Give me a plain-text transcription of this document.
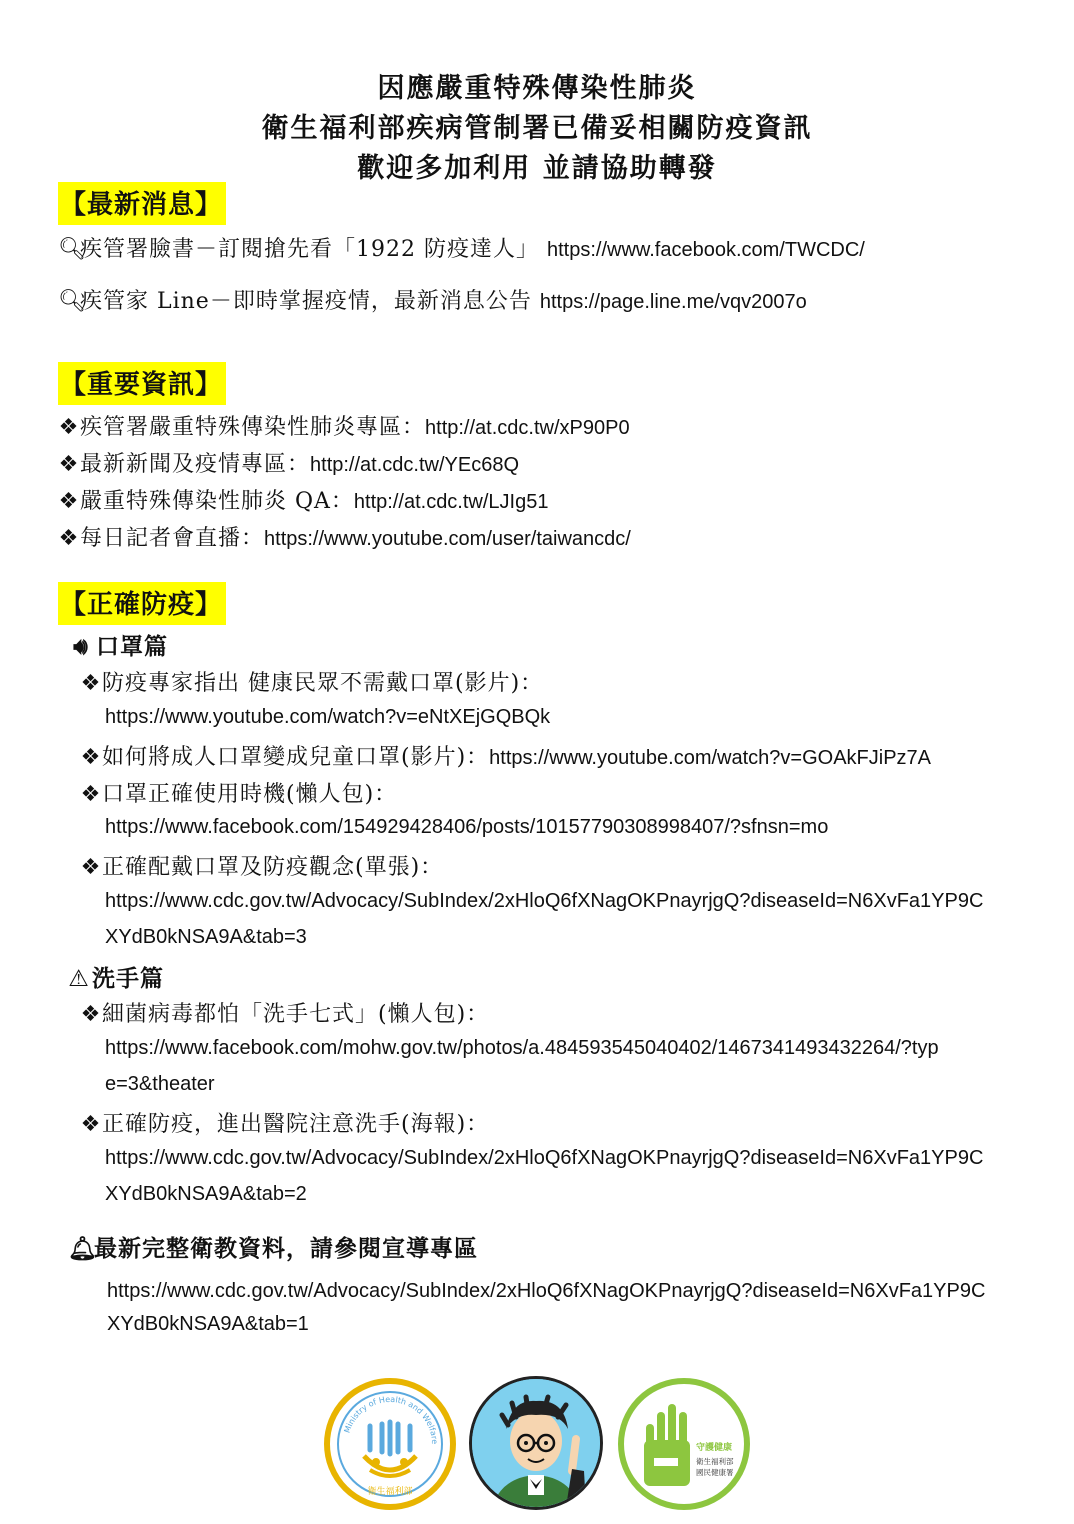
因應嚴重特殊傳染性肺炎
衛生福利部疾病管制署已備妥相關防疫資訊
歡迎多加利用 並請協助轉發
【最新消息】
🔍︎疾管署臉書－訂閱搶先看「1922 防疫達人」 https://www.facebook.com/TWCDC/
🔍︎疾管家 Line－即時掌握疫情，最新消息公告 https://page.line.me/vqv2007o
【重要資訊】
❖疾管署嚴重特殊傳染性肺炎專區：http://at.cdc.tw/xP90P0
❖最新新聞及疫情專區：http://at.cdc.tw/YEc68Q
❖嚴重特殊傳染性肺炎 QA：http://at.cdc.tw/LJIg51
❖每日記者會直播：https://www.youtube.com/user/taiwancdc/
【正確防疫】
🔊︎ 口罩篇
❖防疫專家指出 健康民眾不需戴口罩(影片)：
https://www.youtube.com/watch?v=eNtXEjGQBQk
❖如何將成人口罩變成兒童口罩(影片)：https://www.youtube.com/watch?v=GOAkFJiPz7A
❖口罩正確使用時機(懶人包)：
https://www.facebook.com/154929428406/posts/10157790308998407/?sfnsn=mo
❖正確配戴口罩及防疫觀念(單張)：
https://www.cdc.gov.tw/Advocacy/SubIndex/2xHloQ6fXNagOKPnayrjgQ?diseaseId=N6XvFa1YP9C
XYdB0kNSA9A&tab=3
⚠︎洗手篇
❖細菌病毒都怕「洗手七式」(懶人包)：
https://www.facebook.com/mohw.gov.tw/photos/a.484593545040402/1467341493432264/?typ
e=3&theater
❖正確防疫，進出醫院注意洗手(海報)：
https://www.cdc.gov.tw/Advocacy/SubIndex/2xHloQ6fXNagOKPnayrjgQ?diseaseId=N6XvFa1YP9C
XYdB0kNSA9A&tab=2
🔔︎最新完整衛教資料，請參閱宣導專區
https://www.cdc.gov.tw/Advocacy/SubIndex/2xHloQ6fXNagOKPnayrjgQ?diseaseId=N6XvFa1YP9C
XYdB0kNSA9A&tab=1
Ministry of Health and Welfare
衛生福利部
守護健康
衛生福利部
國民健康署
